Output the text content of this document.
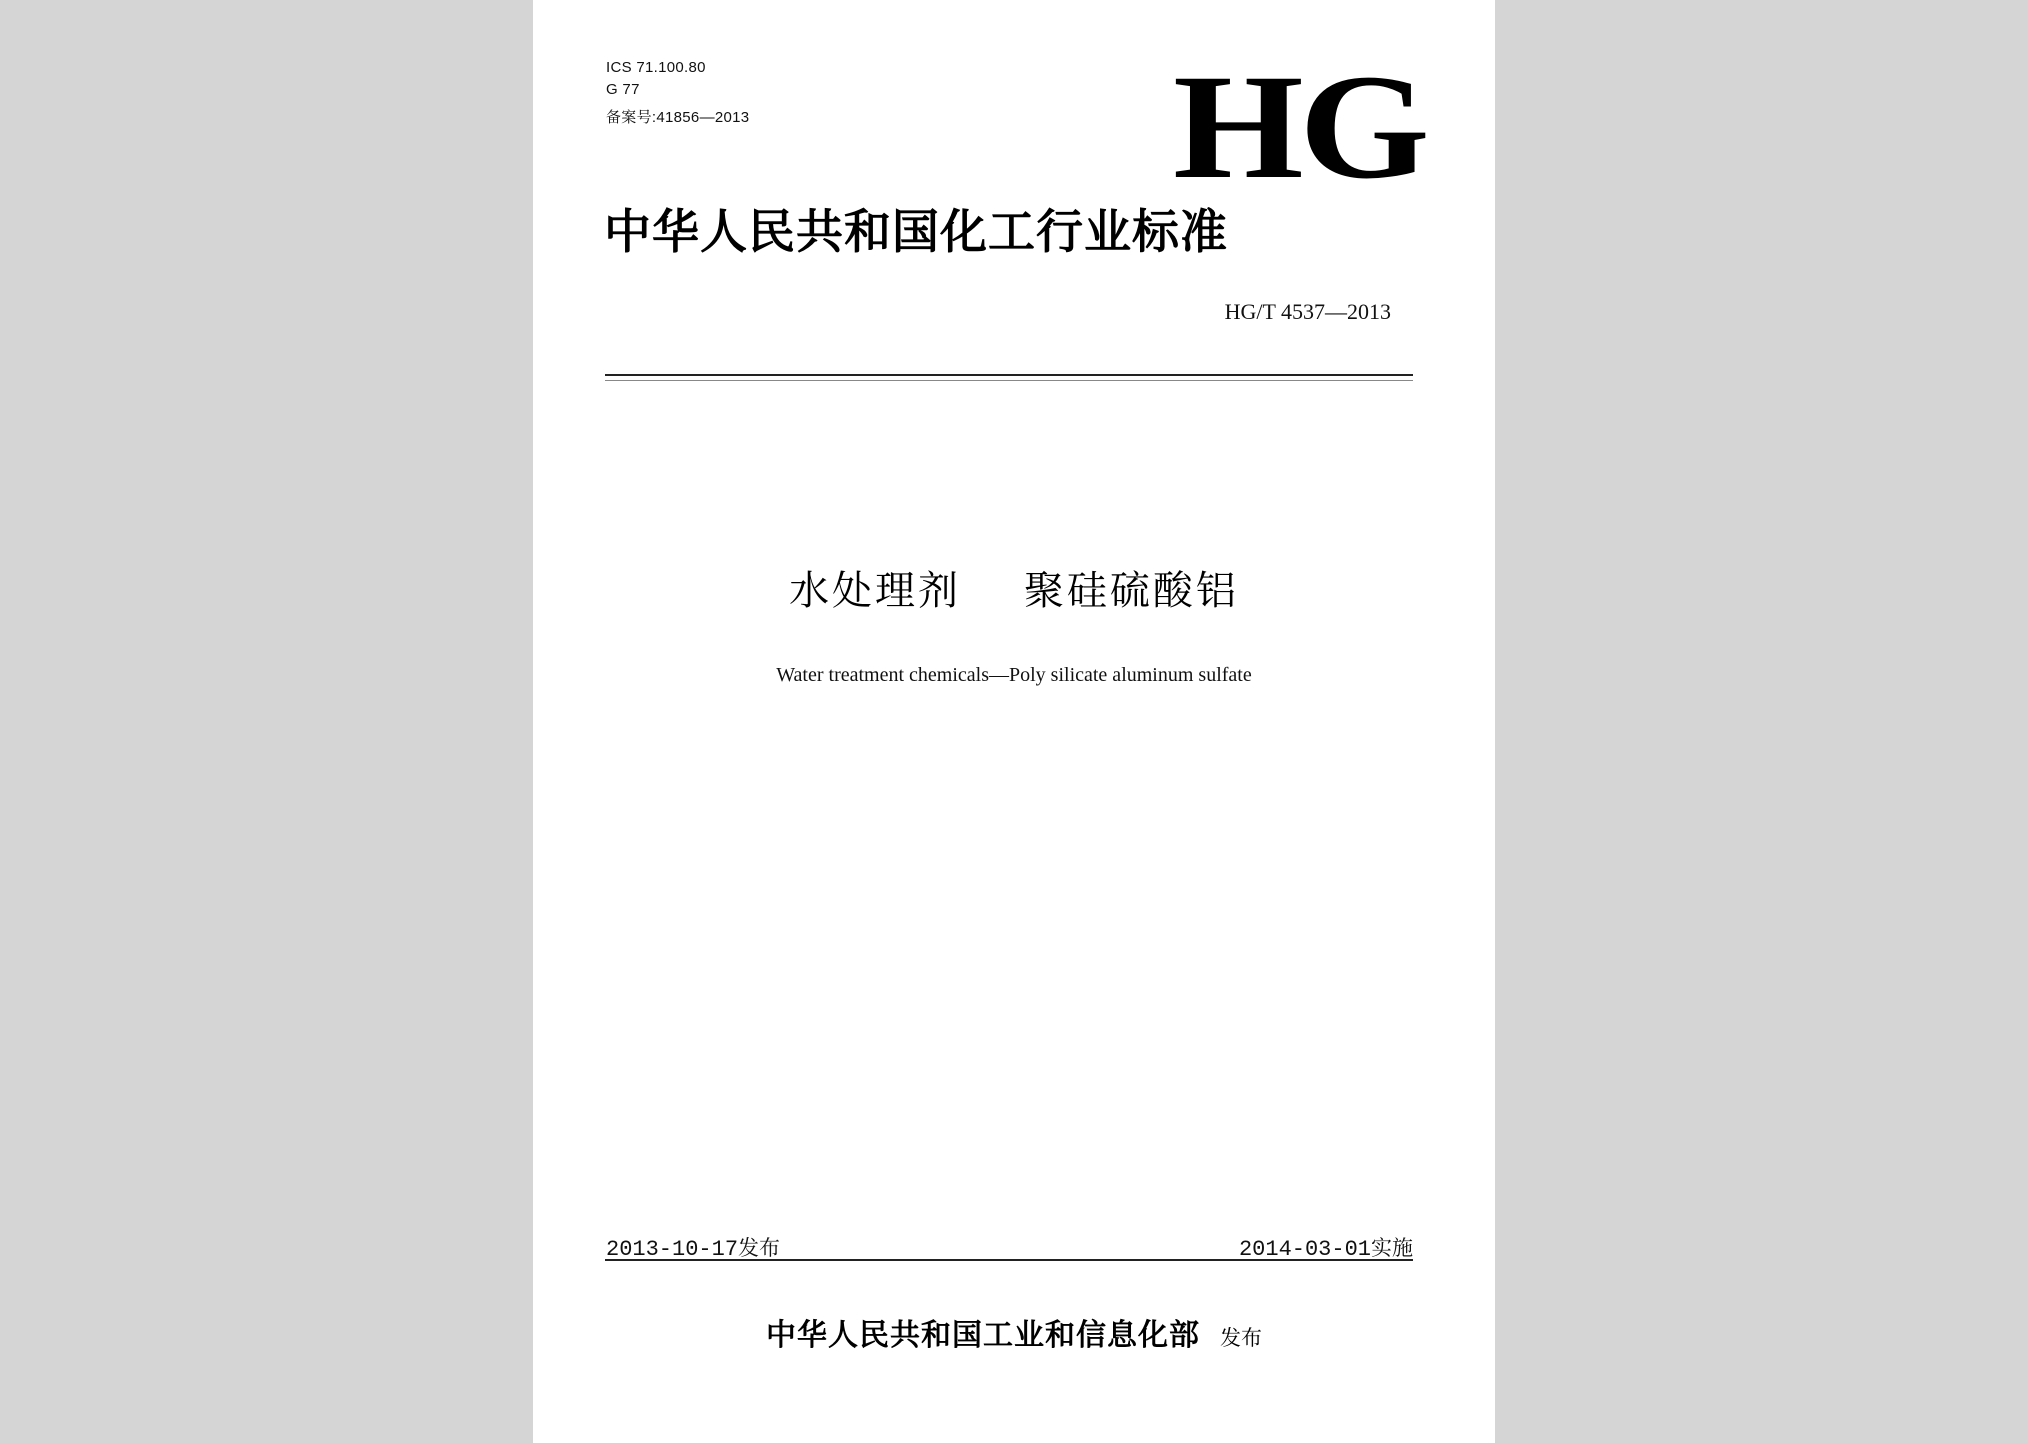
ICS 71.100.80
G 77
备案号:41856—2013	HG
中华人民共和国化工行业标准
HG/T 4537—2013
水处理剂    聚硅硫酸铝
Water treatment chemicals—Poly silicate aluminum sulfate
2013-10-17发布	2014-03-01实施
中华人民共和国工业和信息化部 发布
